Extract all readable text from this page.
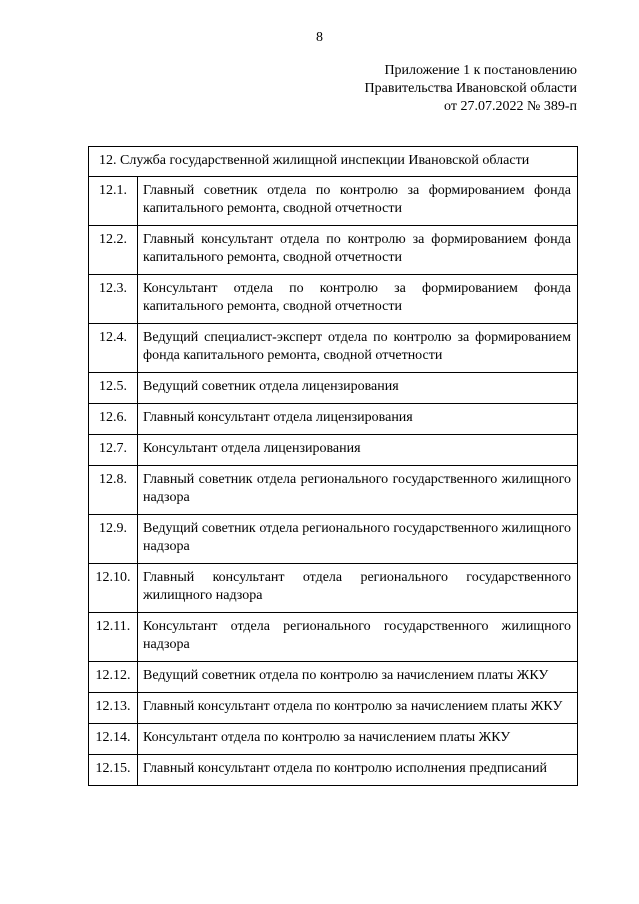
8
Приложение 1 к постановлению
Правительства Ивановской области
от 27.07.2022 № 389-п
12. Служба государственной жилищной инспекции Ивановской области	
12.1.	Главный советник отдела по контролю за формированием фонда капитального ремонта, сводной отчетности
12.2.	Главный консультант отдела по контролю за формированием фонда капитального ремонта, сводной отчетности
12.3.	Консультант отдела по контролю за формированием фонда капитального ремонта, сводной отчетности
12.4.	Ведущий специалист-эксперт отдела по контролю за формированием фонда капитального ремонта, сводной отчетности
12.5.	Ведущий советник отдела лицензирования
12.6.	Главный консультант отдела лицензирования
12.7.	Консультант отдела лицензирования
12.8.	Главный советник отдела регионального государственного жилищного надзора
12.9.	Ведущий советник отдела регионального государственного жилищного надзора
12.10.	Главный консультант отдела регионального государственного жилищного надзора
12.11.	Консультант отдела регионального государственного жилищного надзора
12.12.	Ведущий советник отдела по контролю за начислением платы ЖКУ
12.13.	Главный консультант отдела по контролю за начислением платы ЖКУ
12.14.	Консультант отдела по контролю за начислением платы ЖКУ
12.15.	Главный консультант отдела по контролю исполнения предписаний
